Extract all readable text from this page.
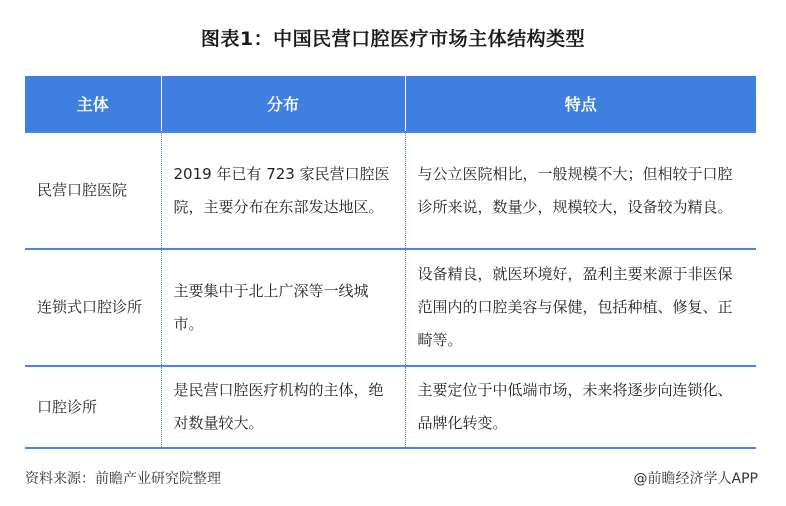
图表1：中国民营口腔医疗市场主体结构类型
主体	分布	特点
民营口腔医院	2019 年已有 723 家民营口腔医院，主要分布在东部发达地区。	与公立医院相比，一般规模不大；但相较于口腔诊所来说，数量少，规模较大，设备较为精良。
连锁式口腔诊所	主要集中于北上广深等一线城市。	设备精良，就医环境好，盈利主要来源于非医保范围内的口腔美容与保健，包括种植、修复、正畸等。
口腔诊所	是民营口腔医疗机构的主体，绝对数量较大。	主要定位于中低端市场，未来将逐步向连锁化、品牌化转变。
资料来源：前瞻产业研究院整理	@前瞻经济学人APP
